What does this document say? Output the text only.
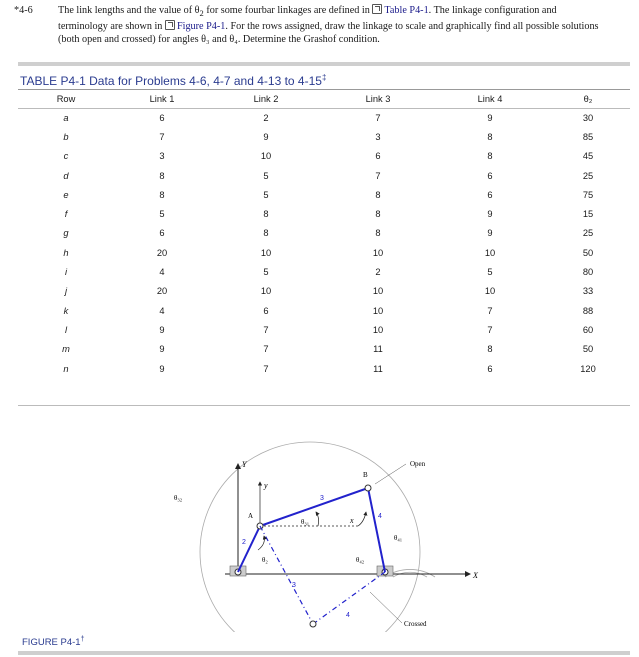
*4-6 The link lengths and the value of $\theta_2$ for some fourbar linkages are defined in Table P4-1. The linkage configuration and
terminology are shown in Figure P4-1. For the rows assigned, draw the linkage to scale and graphically find all possible solutions
(both open and crossed) for angles θ₃ and θ₄. Determine the Grashof condition.
TABLE P4-1 Data for Problems 4-6, 4-7 and 4-13 to 4-15‡
Row	Link 1	Link 2	Link 3	Link 4	θ₂
a	6	2	7	9	30
b	7	9	3	8	85
c	3	10	6	8	45
d	8	5	7	6	25
e	8	5	8	6	75
f	5	8	8	9	15
g	6	8	8	9	25
h	20	10	10	10	50
i	4	5	2	5	80
j	20	10	10	10	33
k	4	6	10	7	88
l	9	7	10	7	60
m	9	7	11	8	50
n	9	7	11	6	120
Y
y
X
x
A
B
2
3
4
3
4
θ₂
θ₃₁
θ₃₂
θ₄₁
θ₄₂
Open
Crossed
FIGURE P4-1†
